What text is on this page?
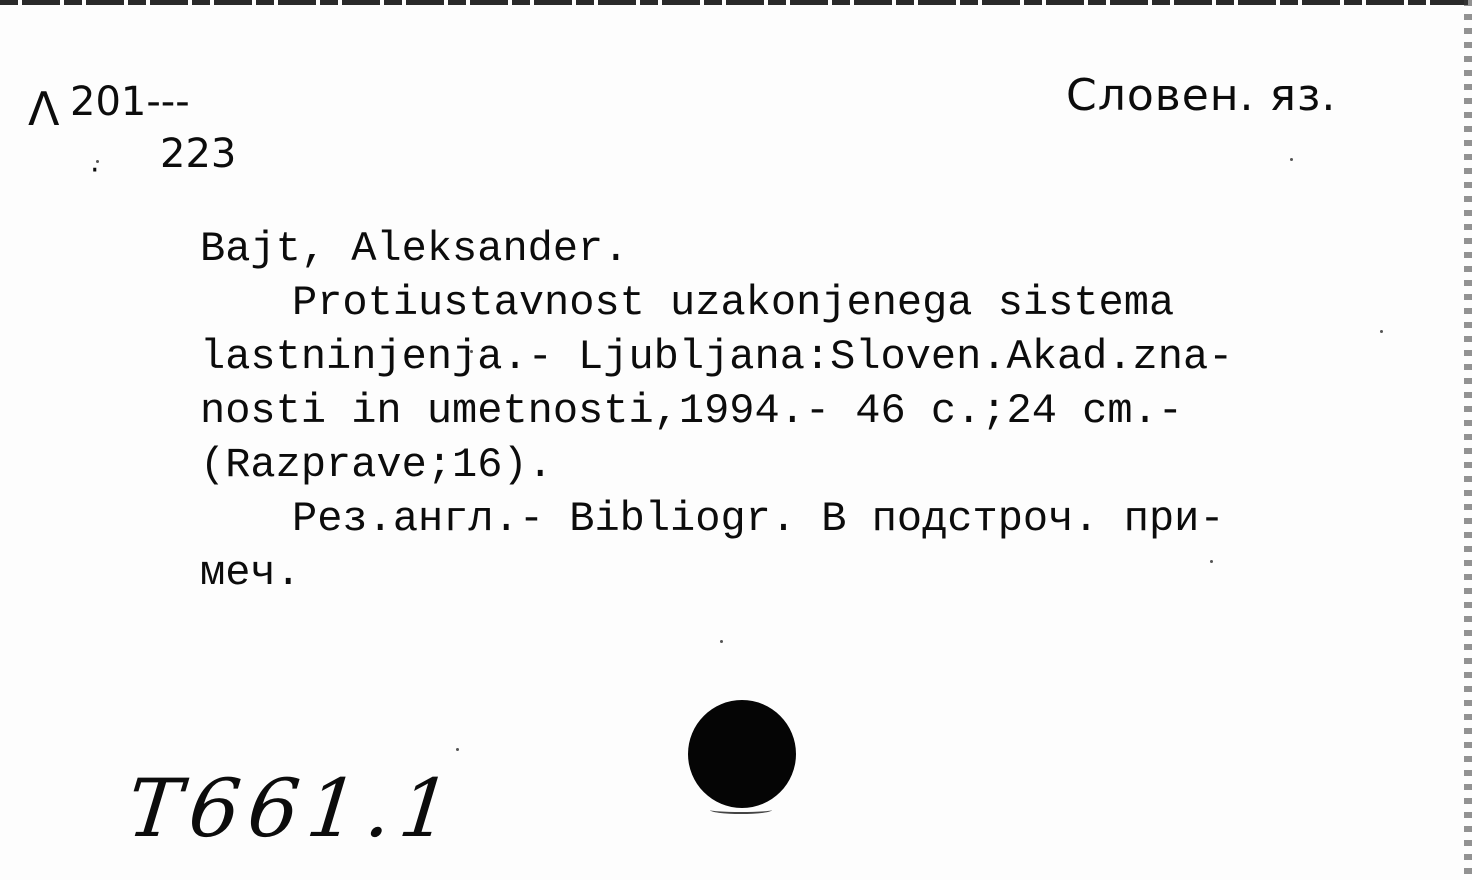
Λ 201---
· 223
Словен. яз.
Bajt, Aleksander.
Protiustavnost uzakonjenega sistema
lastninjenja.- Ljubljana:Sloven.Akad.zna-
nosti in umetnosti,1994.- 46 c.;24 cm.-
(Razprave;16).
Рез.англ.- Bibliogr. В подстроч. при-
меч.
Т661.1
